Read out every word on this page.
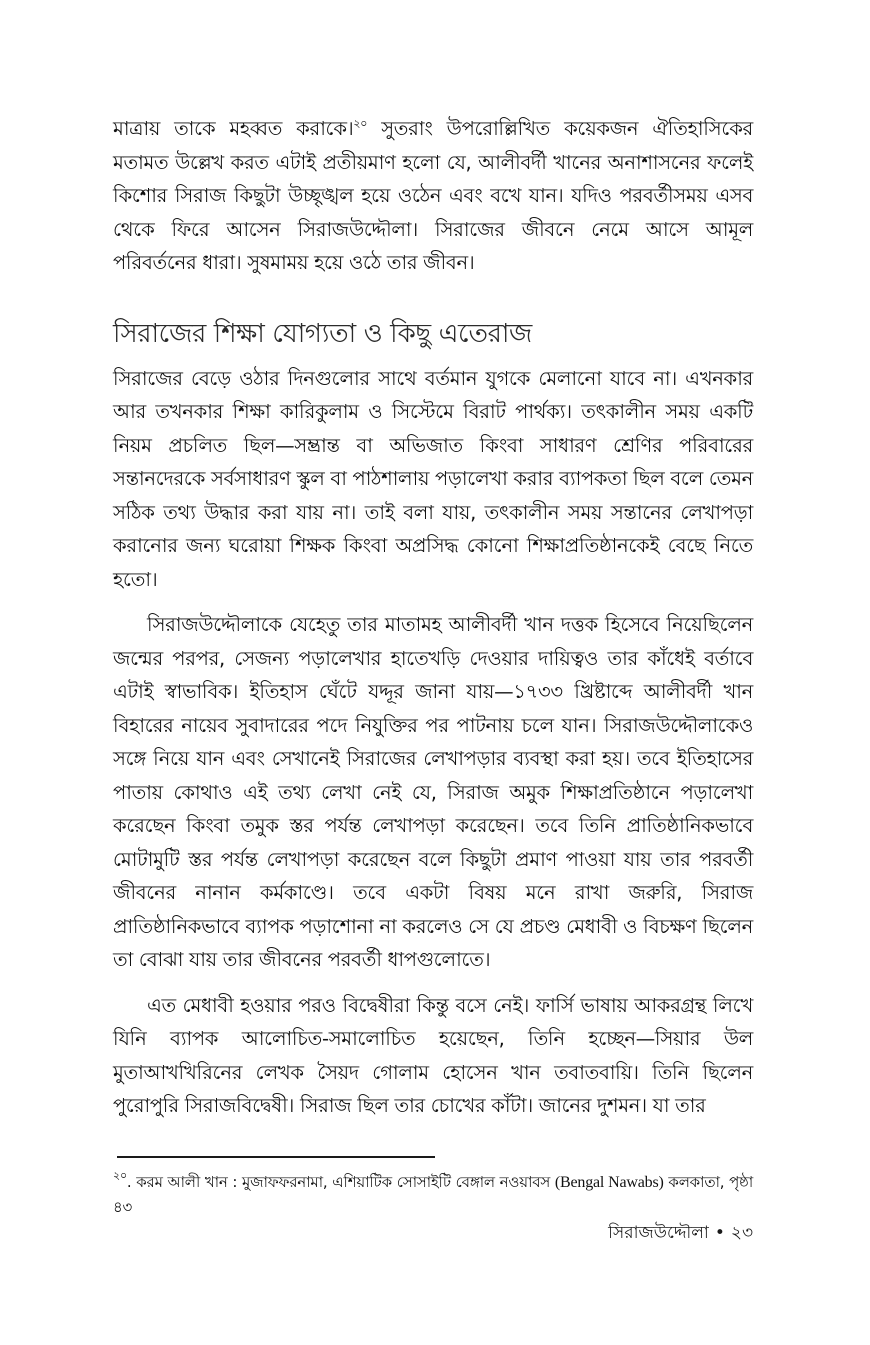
মাত্রায় তাকে মহব্বত করাকে।$^{২০}$ সুতরাং উপরোল্লিখিত কয়েকজন ঐতিহাসিকের মতামত উল্লেখ করত এটাই প্রতীয়মাণ হলো যে, আলীবর্দী খানের অনাশাসনের ফলেই কিশোর সিরাজ কিছুটা উচ্ছৃঙ্খল হয়ে ওঠেন এবং বখে যান। যদিও পরবর্তীসময় এসব থেকে ফিরে আসেন সিরাজউদ্দৌলা। সিরাজের জীবনে নেমে আসে আমূল পরিবর্তনের ধারা। সুষমাময় হয়ে ওঠে তার জীবন।

সিরাজের শিক্ষা যোগ্যতা ও কিছু এতেরাজ

সিরাজের বেড়ে ওঠার দিনগুলোর সাথে বর্তমান যুগকে মেলানো যাবে না। এখনকার আর তখনকার শিক্ষা কারিকুলাম ও সিস্টেমে বিরাট পার্থক্য। তৎকালীন সময় একটি নিয়ম প্রচলিত ছিল—সম্ভ্রান্ত বা অভিজাত কিংবা সাধারণ শ্রেণির পরিবারের সন্তানদেরকে সর্বসাধারণ স্কুল বা পাঠশালায় পড়ালেখা করার ব্যাপকতা ছিল বলে তেমন সঠিক তথ্য উদ্ধার করা যায় না। তাই বলা যায়, তৎকালীন সময় সন্তানের লেখাপড়া করানোর জন্য ঘরোয়া শিক্ষক কিংবা অপ্রসিদ্ধ কোনো শিক্ষাপ্রতিষ্ঠানকেই বেছে নিতে হতো।

সিরাজউদ্দৌলাকে যেহেতু তার মাতামহ আলীবর্দী খান দত্তক হিসেবে নিয়েছিলেন জন্মের পরপর, সেজন্য পড়ালেখার হাতেখড়ি দেওয়ার দায়িত্বও তার কাঁধেই বর্তাবে এটাই স্বাভাবিক। ইতিহাস ঘেঁটে যদ্দূর জানা যায়—১৭৩৩ খ্রিষ্টাব্দে আলীবর্দী খান বিহারের নায়েব সুবাদারের পদে নিযুক্তির পর পাটনায় চলে যান। সিরাজউদ্দৌলাকেও সঙ্গে নিয়ে যান এবং সেখানেই সিরাজের লেখাপড়ার ব্যবস্থা করা হয়। তবে ইতিহাসের পাতায় কোথাও এই তথ্য লেখা নেই যে, সিরাজ অমুক শিক্ষাপ্রতিষ্ঠানে পড়ালেখা করেছেন কিংবা তমুক স্তর পর্যন্ত লেখাপড়া করেছেন। তবে তিনি প্রাতিষ্ঠানিকভাবে মোটামুটি স্তর পর্যন্ত লেখাপড়া করেছেন বলে কিছুটা প্রমাণ পাওয়া যায় তার পরবর্তী জীবনের নানান কর্মকাণ্ডে। তবে একটা বিষয় মনে রাখা জরুরি, সিরাজ প্রাতিষ্ঠানিকভাবে ব্যাপক পড়াশোনা না করলেও সে যে প্রচণ্ড মেধাবী ও বিচক্ষণ ছিলেন তা বোঝা যায় তার জীবনের পরবর্তী ধাপগুলোতে।

এত মেধাবী হওয়ার পরও বিদ্বেষীরা কিন্তু বসে নেই। ফার্সি ভাষায় আকরগ্রন্থ লিখে যিনি ব্যাপক আলোচিত-সমালোচিত হয়েছেন, তিনি হচ্ছেন—সিয়ার উল মুতাআখখিরিনের লেখক সৈয়দ গোলাম হোসেন খান তবাতবায়ি। তিনি ছিলেন পুরোপুরি সিরাজবিদ্বেষী। সিরাজ ছিল তার চোখের কাঁটা। জানের দুশমন। যা তার

$^{২০}$. করম আলী খান : মুজাফফরনামা, এশিয়াটিক সোসাইটি বেঙ্গাল নওয়াবস (Bengal Nawabs) কলকাতা, পৃষ্ঠা ৪৩
সিরাজউদ্দৌলা • ২৩
